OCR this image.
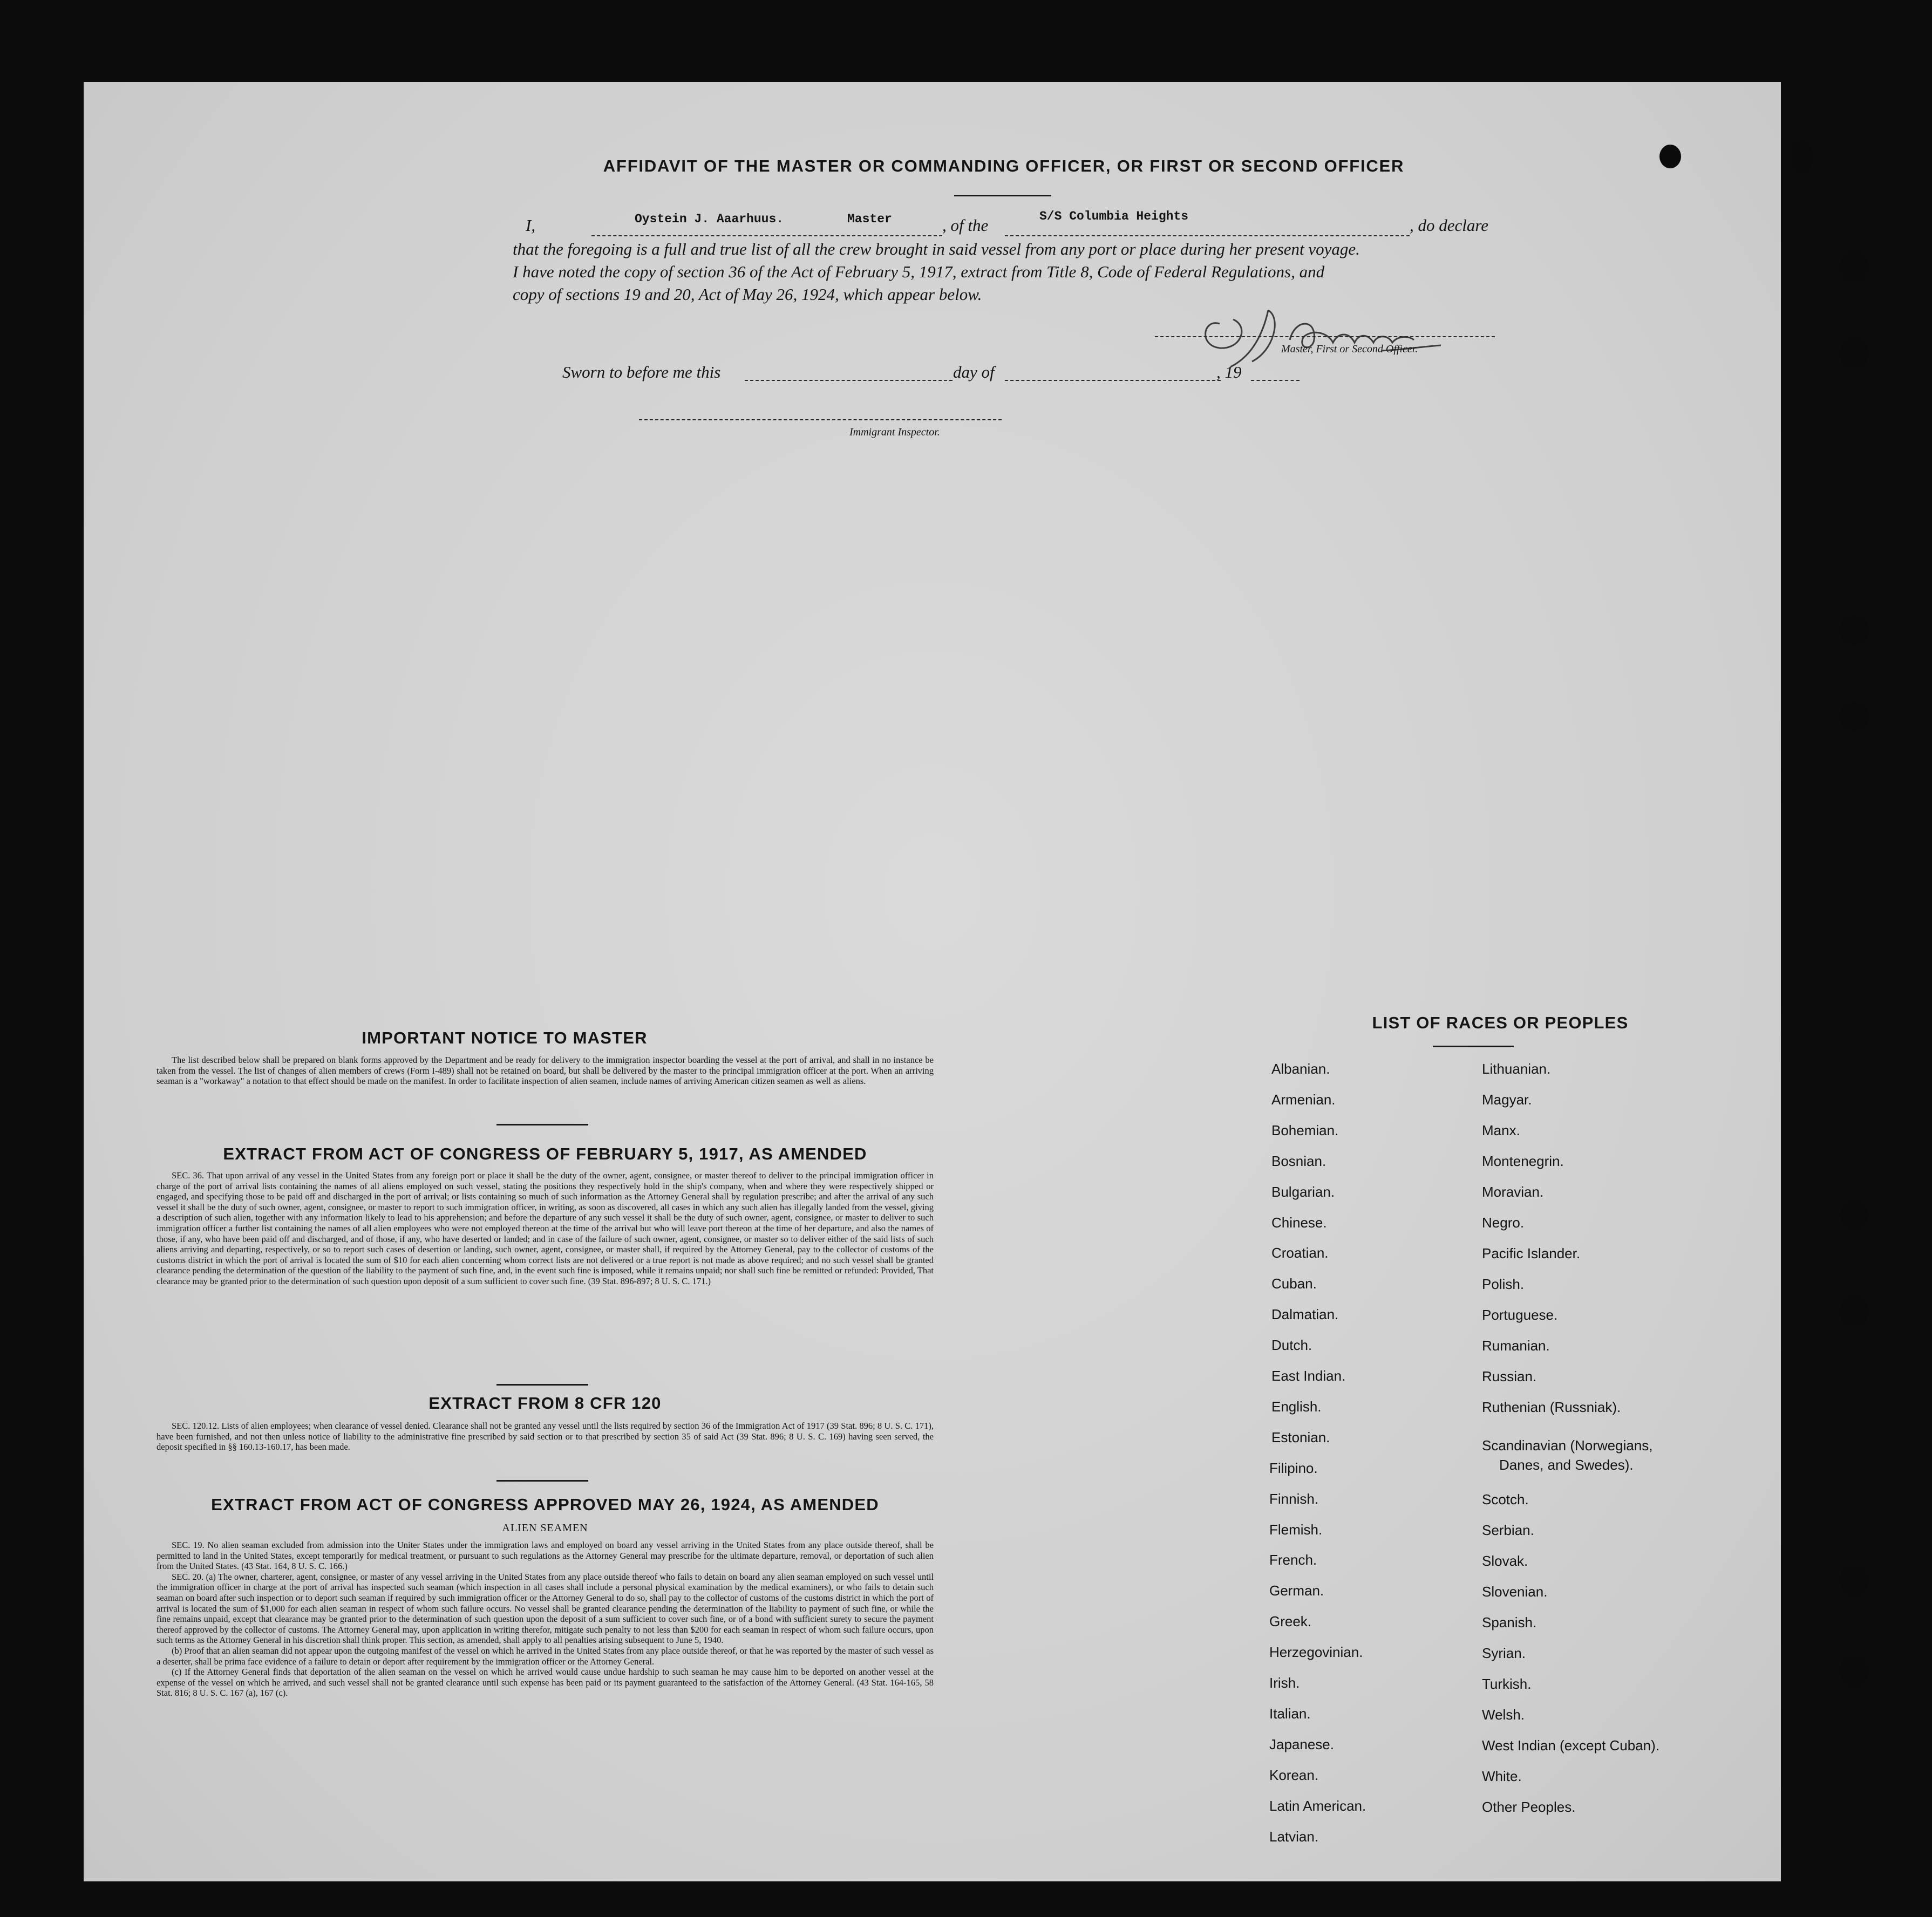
AFFIDAVIT OF THE MASTER OR COMMANDING OFFICER, OR FIRST OR SECOND OFFICER
I,	Oystein J. Aaarhuus.	Master	, of the	S/S Columbia Heights	, do declare
that the foregoing is a full and true list of all the crew brought in said vessel from any port or place during her present voyage.
I have noted the copy of section 36 of the Act of February 5, 1917, extract from Title 8, Code of Federal Regulations, and
copy of sections 19 and 20, Act of May 26, 1924, which appear below.
Master, First or Second Officer.
Sworn to before me this	day of	, 19
Immigrant Inspector.
IMPORTANT NOTICE TO MASTER
The list described below shall be prepared on blank forms approved by the Department and be ready for delivery to the immigration inspector boarding the vessel at the port of arrival, and shall in no instance be taken from the vessel. The list of changes of alien members of crews (Form I-489) shall not be retained on board, but shall be delivered by the master to the principal immigration officer at the port. When an arriving seaman is a "workaway" a notation to that effect should be made on the manifest. In order to facilitate inspection of alien seamen, include names of arriving American citizen seamen as well as aliens.
EXTRACT FROM ACT OF CONGRESS OF FEBRUARY 5, 1917, AS AMENDED
SEC. 36. That upon arrival of any vessel in the United States from any foreign port or place it shall be the duty of the owner, agent, consignee, or master thereof to deliver to the principal immigration officer in charge of the port of arrival lists containing the names of all aliens employed on such vessel, stating the positions they respectively hold in the ship's company, when and where they were respectively shipped or engaged, and specifying those to be paid off and discharged in the port of arrival; or lists containing so much of such information as the Attorney General shall by regulation prescribe; and after the arrival of any such vessel it shall be the duty of such owner, agent, consignee, or master to report to such immigration officer, in writing, as soon as discovered, all cases in which any such alien has illegally landed from the vessel, giving a description of such alien, together with any information likely to lead to his apprehension; and before the departure of any such vessel it shall be the duty of such owner, agent, consignee, or master to deliver to such immigration officer a further list containing the names of all alien employees who were not employed thereon at the time of the arrival but who will leave port thereon at the time of her departure, and also the names of those, if any, who have been paid off and discharged, and of those, if any, who have deserted or landed; and in case of the failure of such owner, agent, consignee, or master so to deliver either of the said lists of such aliens arriving and departing, respectively, or so to report such cases of desertion or landing, such owner, agent, consignee, or master shall, if required by the Attorney General, pay to the collector of customs of the customs district in which the port of arrival is located the sum of $10 for each alien concerning whom correct lists are not delivered or a true report is not made as above required; and no such vessel shall be granted clearance pending the determination of the question of the liability to the payment of such fine, and, in the event such fine is imposed, while it remains unpaid; nor shall such fine be remitted or refunded: Provided, That clearance may be granted prior to the determination of such question upon deposit of a sum sufficient to cover such fine. (39 Stat. 896-897; 8 U. S. C. 171.)
EXTRACT FROM 8 CFR 120
SEC. 120.12. Lists of alien employees; when clearance of vessel denied. Clearance shall not be granted any vessel until the lists required by section 36 of the Immigration Act of 1917 (39 Stat. 896; 8 U. S. C. 171), have been furnished, and not then unless notice of liability to the administrative fine prescribed by said section or to that prescribed by section 35 of said Act (39 Stat. 896; 8 U. S. C. 169) having seen served, the deposit specified in §§ 160.13-160.17, has been made.
EXTRACT FROM ACT OF CONGRESS APPROVED MAY 26, 1924, AS AMENDED
ALIEN SEAMEN

SEC. 19. No alien seaman excluded from admission into the Uniter States under the immigration laws and employed on board any vessel arriving in the United States from any place outside thereof, shall be permitted to land in the United States, except temporarily for medical treatment, or pursuant to such regulations as the Attorney General may prescribe for the ultimate departure, removal, or deportation of such alien from the United States. (43 Stat. 164, 8 U. S. C. 166.)

SEC. 20. (a) The owner, charterer, agent, consignee, or master of any vessel arriving in the United States from any place outside thereof who fails to detain on board any alien seaman employed on such vessel until the immigration officer in charge at the port of arrival has inspected such seaman (which inspection in all cases shall include a personal physical examination by the medical examiners), or who fails to detain such seaman on board after such inspection or to deport such seaman if required by such immigration officer or the Attorney General to do so, shall pay to the collector of customs of the customs district in which the port of arrival is located the sum of $1,000 for each alien seaman in respect of whom such failure occurs. No vessel shall be granted clearance pending the determination of the liability to payment of such fine, or while the fine remains unpaid, except that clearance may be granted prior to the determination of such question upon the deposit of a sum sufficient to cover such fine, or of a bond with sufficient surety to secure the payment thereof approved by the collector of customs. The Attorney General may, upon application in writing therefor, mitigate such penalty to not less than $200 for each seaman in respect of whom such failure occurs, upon such terms as the Attorney General in his discretion shall think proper. This section, as amended, shall apply to all penalties arising subsequent to June 5, 1940.

(b) Proof that an alien seaman did not appear upon the outgoing manifest of the vessel on which he arrived in the United States from any place outside thereof, or that he was reported by the master of such vessel as a deserter, shall be prima face evidence of a failure to detain or deport after requirement by the immigration officer or the Attorney General.

(c) If the Attorney General finds that deportation of the alien seaman on the vessel on which he arrived would cause undue hardship to such seaman he may cause him to be deported on another vessel at the expense of the vessel on which he arrived, and such vessel shall not be granted clearance until such expense has been paid or its payment guaranteed to the satisfaction of the Attorney General. (43 Stat. 164-165, 58 Stat. 816; 8 U. S. C. 167 (a), 167 (c).

LIST OF RACES OR PEOPLES
Albanian.
Armenian.
Bohemian.
Bosnian.
Bulgarian.
Chinese.
Croatian.
Cuban.
Dalmatian.
Dutch.
East Indian.
English.
Estonian.
Filipino.
Finnish.
Flemish.
French.
German.
Greek.
Herzegovinian.
Irish.
Italian.
Japanese.
Korean.
Latin American.
Latvian.
Lithuanian.
Magyar.
Manx.
Montenegrin.
Moravian.
Negro.
Pacific Islander.
Polish.
Portuguese.
Rumanian.
Russian.
Ruthenian (Russniak).
Scandinavian (Norwegians,
Danes, and Swedes).
Scotch.
Serbian.
Slovak.
Slovenian.
Spanish.
Syrian.
Turkish.
Welsh.
West Indian (except Cuban).
White.
Other Peoples.
